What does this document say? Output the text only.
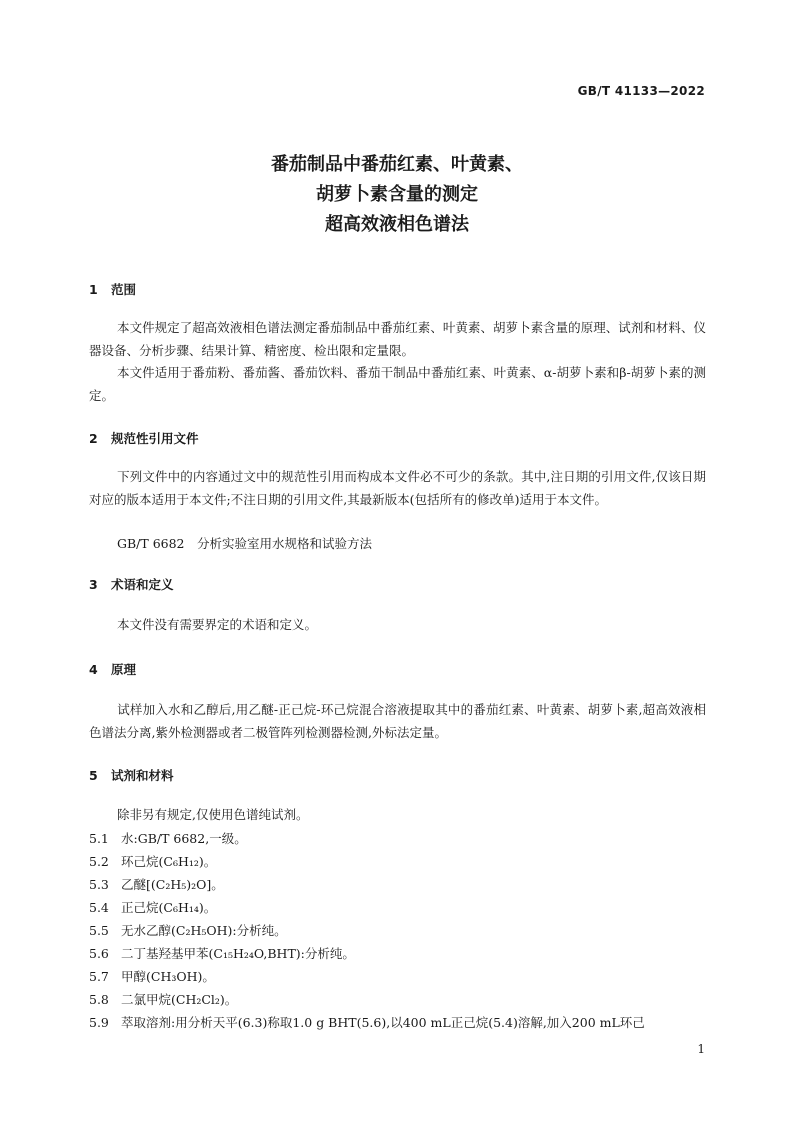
GB/T 41133—2022
番茄制品中番茄红素、叶黄素、
胡萝卜素含量的测定
超高效液相色谱法
1 范围
本文件规定了超高效液相色谱法测定番茄制品中番茄红素、叶黄素、胡萝卜素含量的原理、试剂和材料、仪器设备、分析步骤、结果计算、精密度、检出限和定量限。
本文件适用于番茄粉、番茄酱、番茄饮料、番茄干制品中番茄红素、叶黄素、α-胡萝卜素和β-胡萝卜素的测定。
2 规范性引用文件
下列文件中的内容通过文中的规范性引用而构成本文件必不可少的条款。其中,注日期的引用文件,仅该日期对应的版本适用于本文件;不注日期的引用文件,其最新版本(包括所有的修改单)适用于本文件。
GB/T 6682　分析实验室用水规格和试验方法
3 术语和定义
本文件没有需要界定的术语和定义。
4 原理
试样加入水和乙醇后,用乙醚-正己烷-环己烷混合溶液提取其中的番茄红素、叶黄素、胡萝卜素,超高效液相色谱法分离,紫外检测器或者二极管阵列检测器检测,外标法定量。
5 试剂和材料
除非另有规定,仅使用色谱纯试剂。
5.1 水:GB/T 6682,一级。
5.2 环己烷(C₆H₁₂)。
5.3 乙醚[(C₂H₅)₂O]。
5.4 正己烷(C₆H₁₄)。
5.5 无水乙醇(C₂H₅OH):分析纯。
5.6 二丁基羟基甲苯(C₁₅H₂₄O,BHT):分析纯。
5.7 甲醇(CH₃OH)。
5.8 二氯甲烷(CH₂Cl₂)。
5.9 萃取溶剂:用分析天平(6.3)称取1.0 g BHT(5.6),以400 mL正己烷(5.4)溶解,加入200 mL环己
1
